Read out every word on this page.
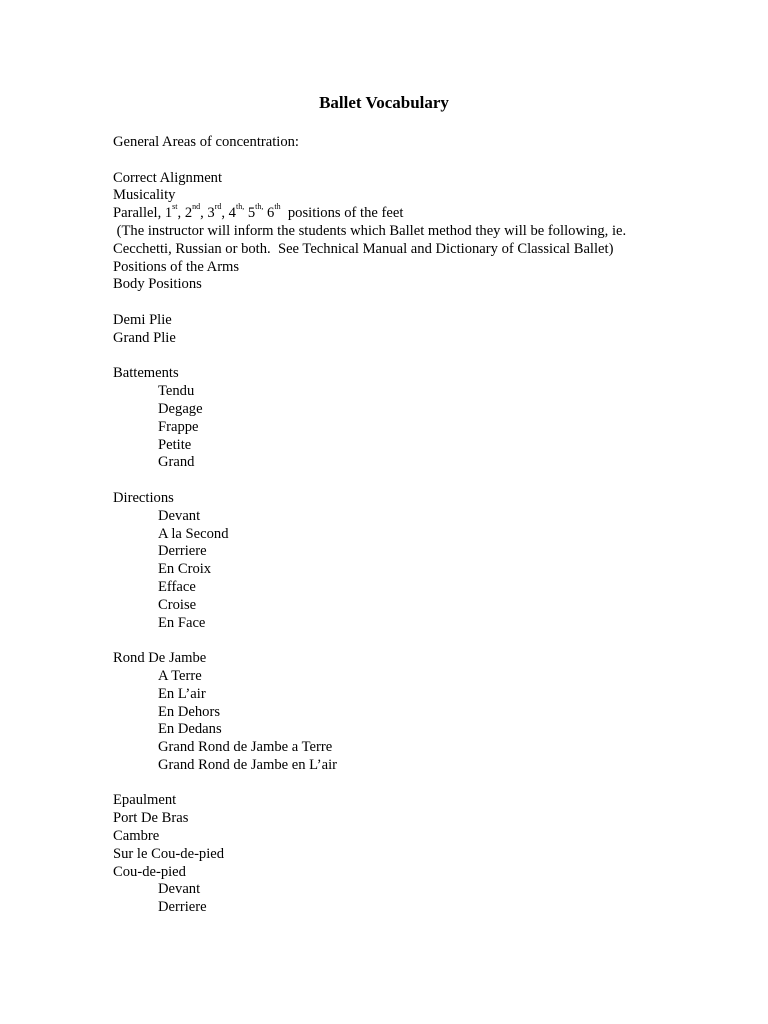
Ballet Vocabulary
General Areas of concentration:
Correct Alignment
Musicality
Parallel, 1st, 2nd, 3rd, $4^{th,}$ $5^{th,}$ 6th  positions of the feet
(The instructor will inform the students which Ballet method they will be following, ie.
Cecchetti, Russian or both.  See Technical Manual and Dictionary of Classical Ballet)
Positions of the Arms
Body Positions
Demi Plie
Grand Plie
Battements
Tendu
Degage
Frappe
Petite
Grand
Directions
Devant
A la Second
Derriere
En Croix
Efface
Croise
En Face
Rond De Jambe
A Terre
En L’air
En Dehors
En Dedans
Grand Rond de Jambe a Terre
Grand Rond de Jambe en L’air
Epaulment
Port De Bras
Cambre
Sur le Cou-de-pied
Cou-de-pied
Devant
Derriere
